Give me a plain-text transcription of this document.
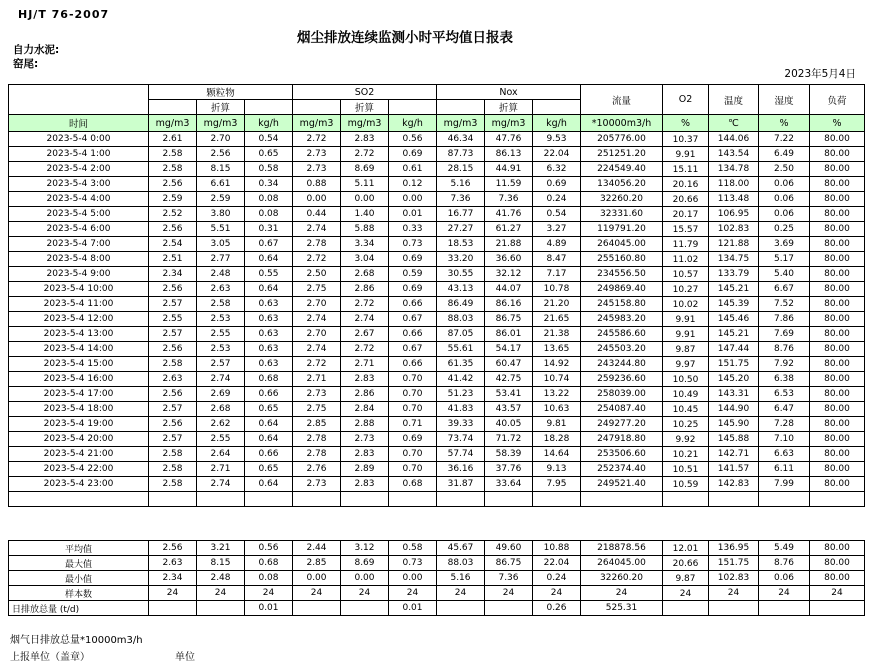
HJ/T 76-2007
烟尘排放连续监测小时平均值日报表
自力水泥:
窑尾:
2023年5月4日
	颗粒物			SO2			Nox			流量	O2	温度	湿度	负荷
		折算			折算			折算						
时间	mg/m3	mg/m3	kg/h	mg/m3	mg/m3	kg/h	mg/m3	mg/m3	kg/h	*10000m3/h	%	℃	%	%
2023-5-4 0:00	2.61	2.70	0.54	2.72	2.83	0.56	46.34	47.76	9.53	205776.00	10.37	144.06	7.22	80.00
2023-5-4 1:00	2.58	2.56	0.65	2.73	2.72	0.69	87.73	86.13	22.04	251251.20	9.91	143.54	6.49	80.00
2023-5-4 2:00	2.58	8.15	0.58	2.73	8.69	0.61	28.15	44.91	6.32	224549.40	15.11	134.78	2.50	80.00
2023-5-4 3:00	2.56	6.61	0.34	0.88	5.11	0.12	5.16	11.59	0.69	134056.20	20.16	118.00	0.06	80.00
2023-5-4 4:00	2.59	2.59	0.08	0.00	0.00	0.00	7.36	7.36	0.24	32260.20	20.66	113.48	0.06	80.00
2023-5-4 5:00	2.52	3.80	0.08	0.44	1.40	0.01	16.77	41.76	0.54	32331.60	20.17	106.95	0.06	80.00
2023-5-4 6:00	2.56	5.51	0.31	2.74	5.88	0.33	27.27	61.27	3.27	119791.20	15.57	102.83	0.25	80.00
2023-5-4 7:00	2.54	3.05	0.67	2.78	3.34	0.73	18.53	21.88	4.89	264045.00	11.79	121.88	3.69	80.00
2023-5-4 8:00	2.51	2.77	0.64	2.72	3.04	0.69	33.20	36.60	8.47	255160.80	11.02	134.75	5.17	80.00
2023-5-4 9:00	2.34	2.48	0.55	2.50	2.68	0.59	30.55	32.12	7.17	234556.50	10.57	133.79	5.40	80.00
2023-5-4 10:00	2.56	2.63	0.64	2.75	2.86	0.69	43.13	44.07	10.78	249869.40	10.27	145.21	6.67	80.00
2023-5-4 11:00	2.57	2.58	0.63	2.70	2.72	0.66	86.49	86.16	21.20	245158.80	10.02	145.39	7.52	80.00
2023-5-4 12:00	2.55	2.53	0.63	2.74	2.74	0.67	88.03	86.75	21.65	245983.20	9.91	145.46	7.86	80.00
2023-5-4 13:00	2.57	2.55	0.63	2.70	2.67	0.66	87.05	86.01	21.38	245586.60	9.91	145.21	7.69	80.00
2023-5-4 14:00	2.56	2.53	0.63	2.74	2.72	0.67	55.61	54.17	13.65	245503.20	9.87	147.44	8.76	80.00
2023-5-4 15:00	2.58	2.57	0.63	2.72	2.71	0.66	61.35	60.47	14.92	243244.80	9.97	151.75	7.92	80.00
2023-5-4 16:00	2.63	2.74	0.68	2.71	2.83	0.70	41.42	42.75	10.74	259236.60	10.50	145.20	6.38	80.00
2023-5-4 17:00	2.56	2.69	0.66	2.73	2.86	0.70	51.23	53.41	13.22	258039.00	10.49	143.31	6.53	80.00
2023-5-4 18:00	2.57	2.68	0.65	2.75	2.84	0.70	41.83	43.57	10.63	254087.40	10.45	144.90	6.47	80.00
2023-5-4 19:00	2.56	2.62	0.64	2.85	2.88	0.71	39.33	40.05	9.81	249277.20	10.25	145.90	7.28	80.00
2023-5-4 20:00	2.57	2.55	0.64	2.78	2.73	0.69	73.74	71.72	18.28	247918.80	9.92	145.88	7.10	80.00
2023-5-4 21:00	2.58	2.64	0.66	2.78	2.83	0.70	57.74	58.39	14.64	253506.60	10.21	142.71	6.63	80.00
2023-5-4 22:00	2.58	2.71	0.65	2.76	2.89	0.70	36.16	37.76	9.13	252374.40	10.51	141.57	6.11	80.00
2023-5-4 23:00	2.58	2.74	0.64	2.73	2.83	0.68	31.87	33.64	7.95	249521.40	10.59	142.83	7.99	80.00

平均值	2.56	3.21	0.56	2.44	3.12	0.58	45.67	49.60	10.88	218878.56	12.01	136.95	5.49	80.00
最大值	2.63	8.15	0.68	2.85	8.69	0.73	88.03	86.75	22.04	264045.00	20.66	151.75	8.76	80.00
最小值	2.34	2.48	0.08	0.00	0.00	0.00	5.16	7.36	0.24	32260.20	9.87	102.83	0.06	80.00
样本数	24	24	24	24	24	24	24	24	24	24	24	24	24	24
日排放总量 (t/d)			0.01			0.01			0.26	525.31				
烟气日排放总量*10000m3/h
上报单位（盖章）	单位
